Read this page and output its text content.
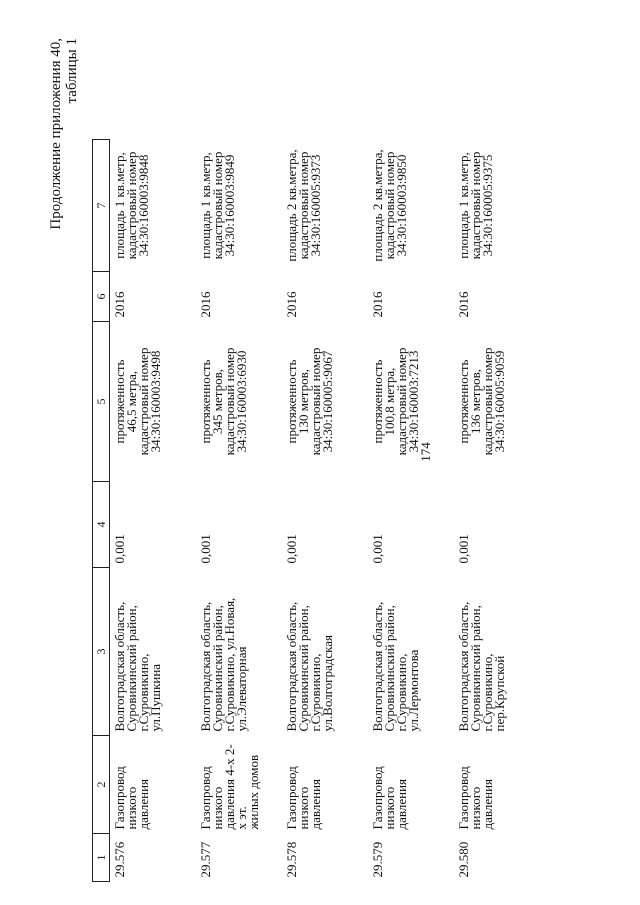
174
Продолжение приложения 40, таблицы 1
1	2	3	4	5	6	7
29.576	Газопровод низкого
давления	Волгоградская область,
Суровикинский район,
г.Суровикино,
ул.Пушкина	0,001	протяженность
46,5 метра,
кадастровый номер
34:30:160003:9498	2016	площадь 1 кв.метр,
кадастровый номер
34:30:160003:9848

29.577	Газопровод низкого
давления 4-х 2-х эт.
жилых домов	Волгоградская область,
Суровикинский район,
г.Суровикино, ул.Новая,
ул.Элеваторная	0,001	протяженность
345 метров,
кадастровый номер
34:30:160003:6930	2016	площадь 1 кв.метр,
кадастровый номер
34:30:160003:9849

29.578	Газопровод низкого
давления	Волгоградская область,
Суровикинский район,
г.Суровикино,
ул.Волгоградская	0,001	протяженность
130 метров,
кадастровый номер
34:30:160005:9067	2016	площадь 2 кв.метра,
кадастровый номер
34:30:160005:9373

29.579	Газопровод низкого
давления	Волгоградская область,
Суровикинский район,
г.Суровикино,
ул.Лермонтова	0,001	протяженность
100,8 метра,
кадастровый номер
34:30:160003:7213	2016	площадь 2 кв.метра,
кадастровый номер
34:30:160003:9850

29.580	Газопровод низкого
давления	Волгоградская область,
Суровикинский район,
г.Суровикино,
пер.Крупской	0,001	протяженность
136 метров,
кадастровый номер
34:30:160005:9059	2016	площадь 1 кв.метр,
кадастровый номер
34:30:160005:9375
